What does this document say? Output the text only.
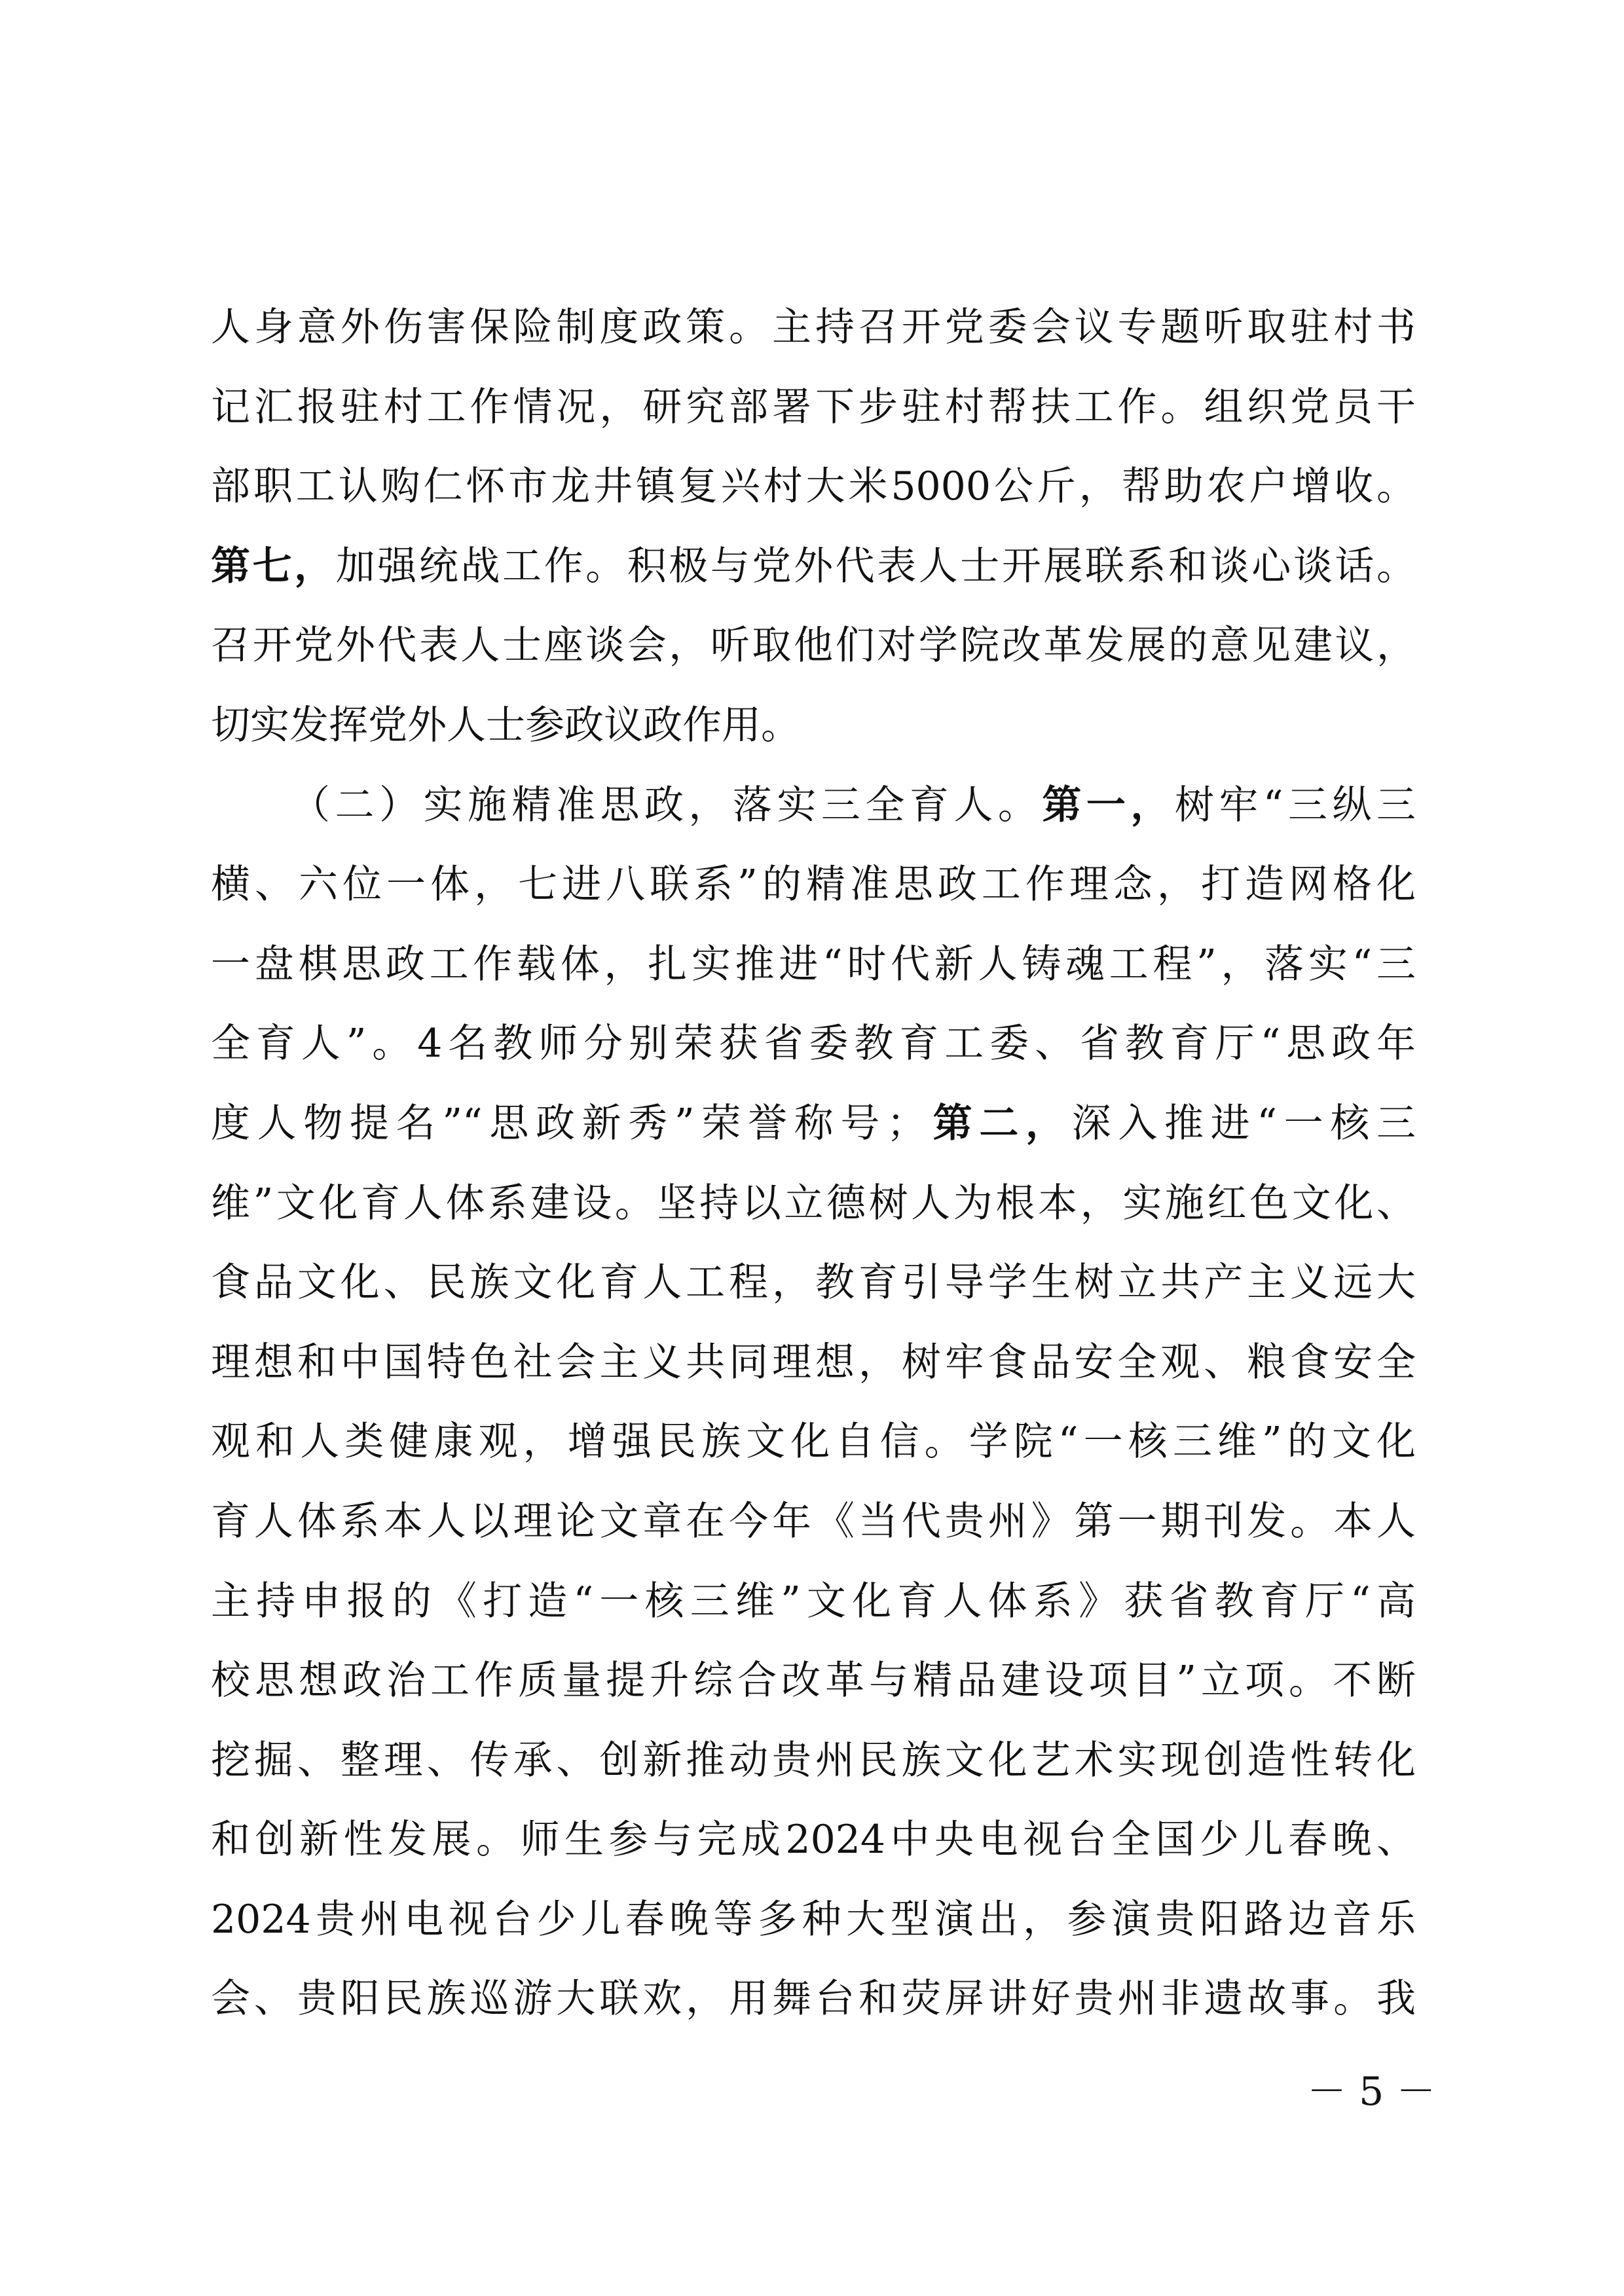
人身意外伤害保险制度政策。主持召开党委会议专题听取驻村书
记汇报驻村工作情况，研究部署下步驻村帮扶工作。组织党员干
部职工认购仁怀市龙井镇复兴村大米5000公斤，帮助农户增收。
第七，加强统战工作。积极与党外代表人士开展联系和谈心谈话。
召开党外代表人士座谈会，听取他们对学院改革发展的意见建议，
切实发挥党外人士参政议政作用。
（二）实施精准思政，落实三全育人。第一，树牢“三纵三
横、六位一体，七进八联系”的精准思政工作理念，打造网格化
一盘棋思政工作载体，扎实推进“时代新人铸魂工程”，落实“三
全育人”。4名教师分别荣获省委教育工委、省教育厅“思政年
度人物提名”“思政新秀”荣誉称号；第二，深入推进“一核三
维”文化育人体系建设。坚持以立德树人为根本，实施红色文化、
食品文化、民族文化育人工程，教育引导学生树立共产主义远大
理想和中国特色社会主义共同理想，树牢食品安全观、粮食安全
观和人类健康观，增强民族文化自信。学院“一核三维”的文化
育人体系本人以理论文章在今年《当代贵州》第一期刊发。本人
主持申报的《打造“一核三维”文化育人体系》获省教育厅“高
校思想政治工作质量提升综合改革与精品建设项目”立项。不断
挖掘、整理、传承、创新推动贵州民族文化艺术实现创造性转化
和创新性发展。师生参与完成2024中央电视台全国少儿春晚、
2024贵州电视台少儿春晚等多种大型演出，参演贵阳路边音乐
会、贵阳民族巡游大联欢，用舞台和荧屏讲好贵州非遗故事。我
－ 5 －
